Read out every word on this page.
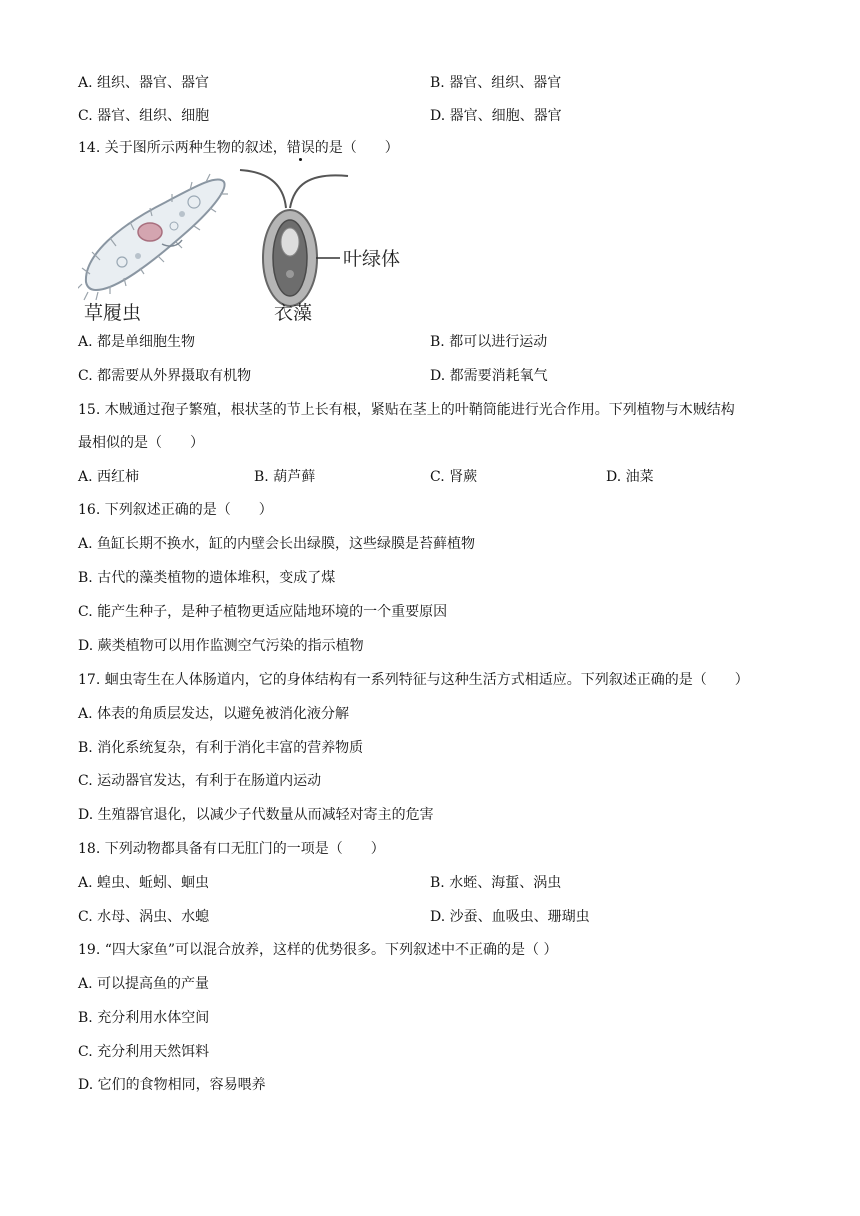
A. 组织、器官、器官	B. 器官、组织、器官
C. 器官、组织、细胞	D. 器官、细胞、器官
14. 关于图所示两种生物的叙述，错误的是（　　）
草履虫	衣藻
叶绿体
A. 都是单细胞生物	B. 都可以进行运动
C. 都需要从外界摄取有机物	D. 都需要消耗氧气
15. 木贼通过孢子繁殖，根状茎的节上长有根，紧贴在茎上的叶鞘筒能进行光合作用。下列植物与木贼结构
最相似的是（　　）
A. 西红柿	B. 葫芦藓	C. 肾蕨	D. 油菜
16. 下列叙述正确的是（　　）
A. 鱼缸长期不换水，缸的内壁会长出绿膜，这些绿膜是苔藓植物
B. 古代的藻类植物的遗体堆积，变成了煤
C. 能产生种子，是种子植物更适应陆地环境的一个重要原因
D. 蕨类植物可以用作监测空气污染的指示植物
17. 蛔虫寄生在人体肠道内，它的身体结构有一系列特征与这种生活方式相适应。下列叙述正确的是（　　）
A. 体表的角质层发达，以避免被消化液分解
B. 消化系统复杂，有利于消化丰富的营养物质
C. 运动器官发达，有利于在肠道内运动
D. 生殖器官退化，以减少子代数量从而减轻对寄主的危害
18. 下列动物都具备有口无肛门的一项是（　　）
A. 蝗虫、蚯蚓、蛔虫	B. 水蛭、海蜇、涡虫
C. 水母、涡虫、水螅	D. 沙蚕、血吸虫、珊瑚虫
19. “四大家鱼”可以混合放养，这样的优势很多。下列叙述中不正确的是（ ）
A. 可以提高鱼的产量
B. 充分利用水体空间
C. 充分利用天然饵料
D. 它们的食物相同，容易喂养
